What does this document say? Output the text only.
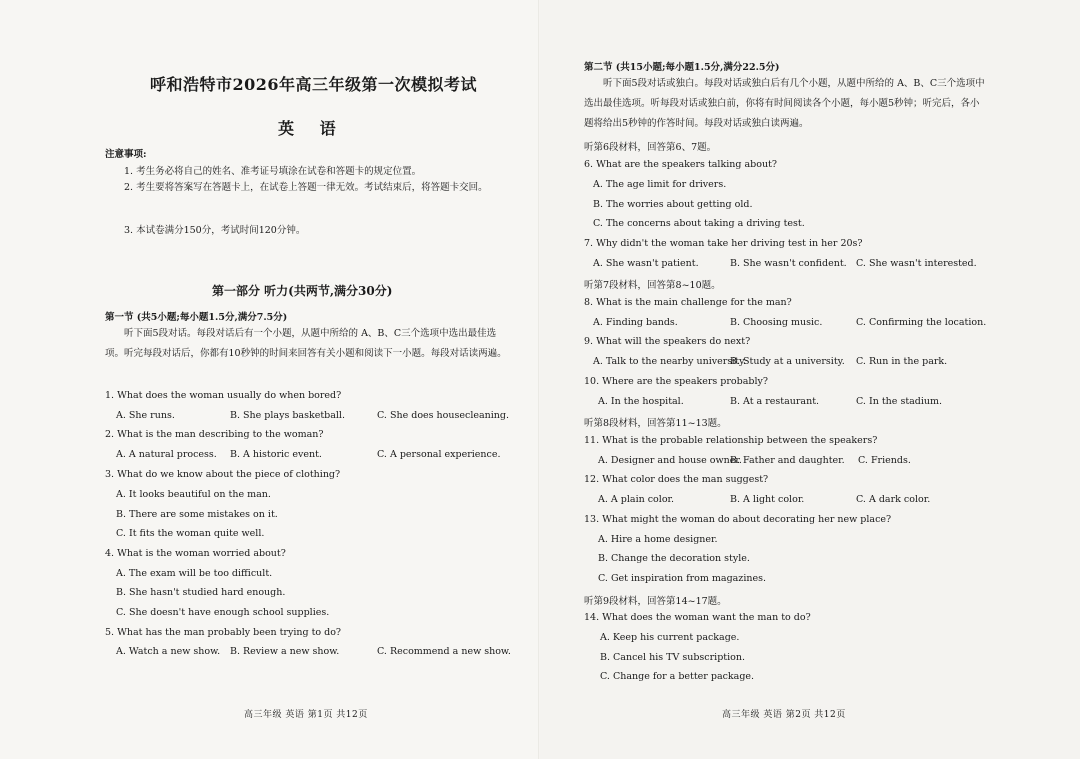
呼和浩特市2026年高三年级第一次模拟考试
英 语
注意事项:
1. 考生务必将自己的姓名、准考证号填涂在试卷和答题卡的规定位置。
2. 考生要将答案写在答题卡上，在试卷上答题一律无效。考试结束后，将答题卡交回。
3. 本试卷满分150分，考试时间120分钟。
第一部分 听力(共两节,满分30分)
第一节 (共5小题;每小题1.5分,满分7.5分)
听下面5段对话。每段对话后有一个小题，从题中所给的 A、B、C三个选项中选出最佳选项。听完每段对话后，你都有10秒钟的时间来回答有关小题和阅读下一小题。每段对话读两遍。
1. What does the woman usually do when bored?
A. She runs.	B. She plays basketball.	C. She does housecleaning.
2. What is the man describing to the woman?
A. A natural process. B. A historic event.	C. A personal experience.
3. What do we know about the piece of clothing?
A. It looks beautiful on the man.
B. There are some mistakes on it.
C. It fits the woman quite well.
4. What is the woman worried about?
A. The exam will be too difficult.
B. She hasn't studied hard enough.
C. She doesn't have enough school supplies.
5. What has the man probably been trying to do?
A. Watch a new show. B. Review a new show.	C. Recommend a new show.
高三年级 英语 第1页 共12页
第二节 (共15小题;每小题1.5分,满分22.5分)
听下面5段对话或独白。每段对话或独白后有几个小题，从题中所给的 A、B、C三个选项中选出最佳选项。听每段对话或独白前，你将有时间阅读各个小题，每小题5秒钟；听完后，各小题将给出5秒钟的作答时间。每段对话或独白读两遍。
听第6段材料，回答第6、7题。
6. What are the speakers talking about?
A. The age limit for drivers.
B. The worries about getting old.
C. The concerns about taking a driving test.
7. Why didn't the woman take her driving test in her 20s?
A. She wasn't patient.	B. She wasn't confident. C. She wasn't interested.
听第7段材料，回答第8~10题。
8. What is the main challenge for the man?
A. Finding bands.	B. Choosing music.	C. Confirming the location.
9. What will the speakers do next?
A. Talk to the nearby university.
B. Study at a university. C. Run in the park.
10. Where are the speakers probably?
A. In the hospital.	B. At a restaurant.	C. In the stadium.
听第8段材料，回答第11~13题。
11. What is the probable relationship between the speakers?
A. Designer and house owner.
B. Father and daughter. C. Friends.
12. What color does the man suggest?
A. A plain color.	B. A light color.	C. A dark color.
13. What might the woman do about decorating her new place?
A. Hire a home designer.
B. Change the decoration style.
C. Get inspiration from magazines.
听第9段材料，回答第14~17题。
14. What does the woman want the man to do?
A. Keep his current package.
B. Cancel his TV subscription.
C. Change for a better package.
高三年级 英语 第2页 共12页
